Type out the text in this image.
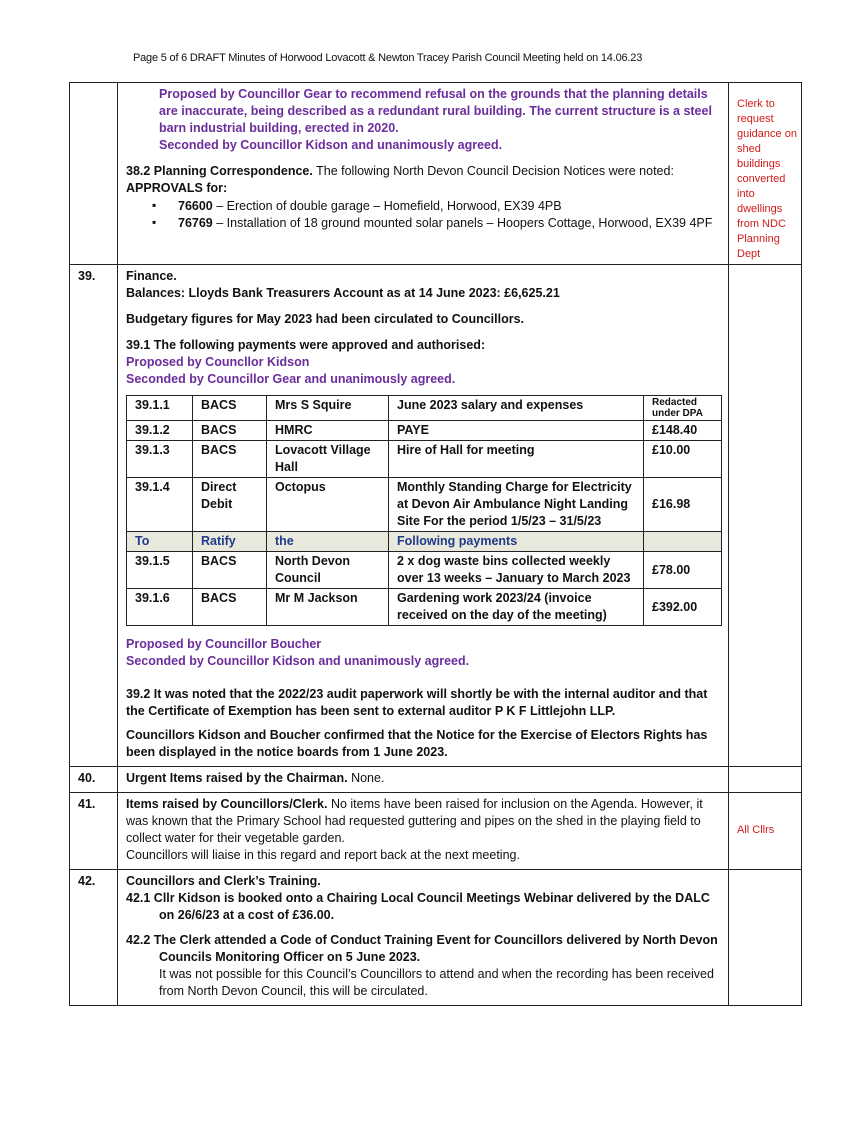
Page 5 of 6 DRAFT Minutes of Horwood Lovacott & Newton Tracey Parish Council Meeting held on 14.06.23

Proposed by Councillor Gear to recommend refusal on the grounds that the planning details are inaccurate, being described as a redundant rural building. The current structure is a steel barn industrial building, erected in 2020.

Seconded by Councillor Kidson and unanimously agreed.

38.2 Planning Correspondence. The following North Devon Council Decision Notices were noted:

APPROVALS for:

▪ 76600 – Erection of double garage – Homefield, Horwood, EX39 4PB
▪ 76769 – Installation of 18 ground mounted solar panels – Hoopers Cottage, Horwood, EX39 4PF
	Clerk to request guidance on shed buildings converted into dwellings from NDC Planning Dept
39.	Finance.

Balances: Lloyds Bank Treasurers Account as at 14 June 2023: £6,625.21

Budgetary figures for May 2023 had been circulated to Councillors.

39.1 The following payments were approved and authorised:

Proposed by Councllor Kidson

Seconded by Councillor Gear and unanimously agreed.

39.1.1	BACS	Mrs S Squire	June 2023 salary and expenses	Redacted under DPA
39.1.2	BACS	HMRC	PAYE	£148.40
39.1.3	BACS	Lovacott Village Hall	Hire of Hall for meeting	£10.00
39.1.4	Direct Debit	Octopus	Monthly Standing Charge for Electricity at Devon Air Ambulance Night Landing Site For the period 1/5/23 – 31/5/23	£16.98
To	Ratify	the	Following payments	
39.1.5	BACS	North Devon Council	2 x dog waste bins collected weekly over 13 weeks – January to March 2023	£78.00
39.1.6	BACS	Mr M Jackson	Gardening work 2023/24 (invoice received on the day of the meeting)	£392.00

Proposed by Councillor Boucher

Seconded by Councillor Kidson and unanimously agreed.

39.2 It was noted that the 2022/23 audit paperwork will shortly be with the internal auditor and that the Certificate of Exemption has been sent to external auditor P K F Littlejohn LLP.

Councillors Kidson and Boucher confirmed that the Notice for the Exercise of Electors Rights has been displayed in the notice boards from 1 June 2023.

40.	Urgent Items raised by the Chairman. None.

41.	Items raised by Councillors/Clerk. No items have been raised for inclusion on the Agenda. However, it was known that the Primary School had requested guttering and pipes on the shed in the playing field to collect water for their vegetable garden.

Councillors will liaise in this regard and report back at the next meeting.

	All Cllrs
42.	Councillors and Clerk’s Training.

42.1 Cllr Kidson is booked onto a Chairing Local Council Meetings Webinar delivered by the DALC on 26/6/23 at a cost of £36.00.

42.2 The Clerk attended a Code of Conduct Training Event for Councillors delivered by North Devon Councils Monitoring Officer on 5 June 2023.

It was not possible for this Council’s Councillors to attend and when the recording has been received from North Devon Council, this will be circulated.
